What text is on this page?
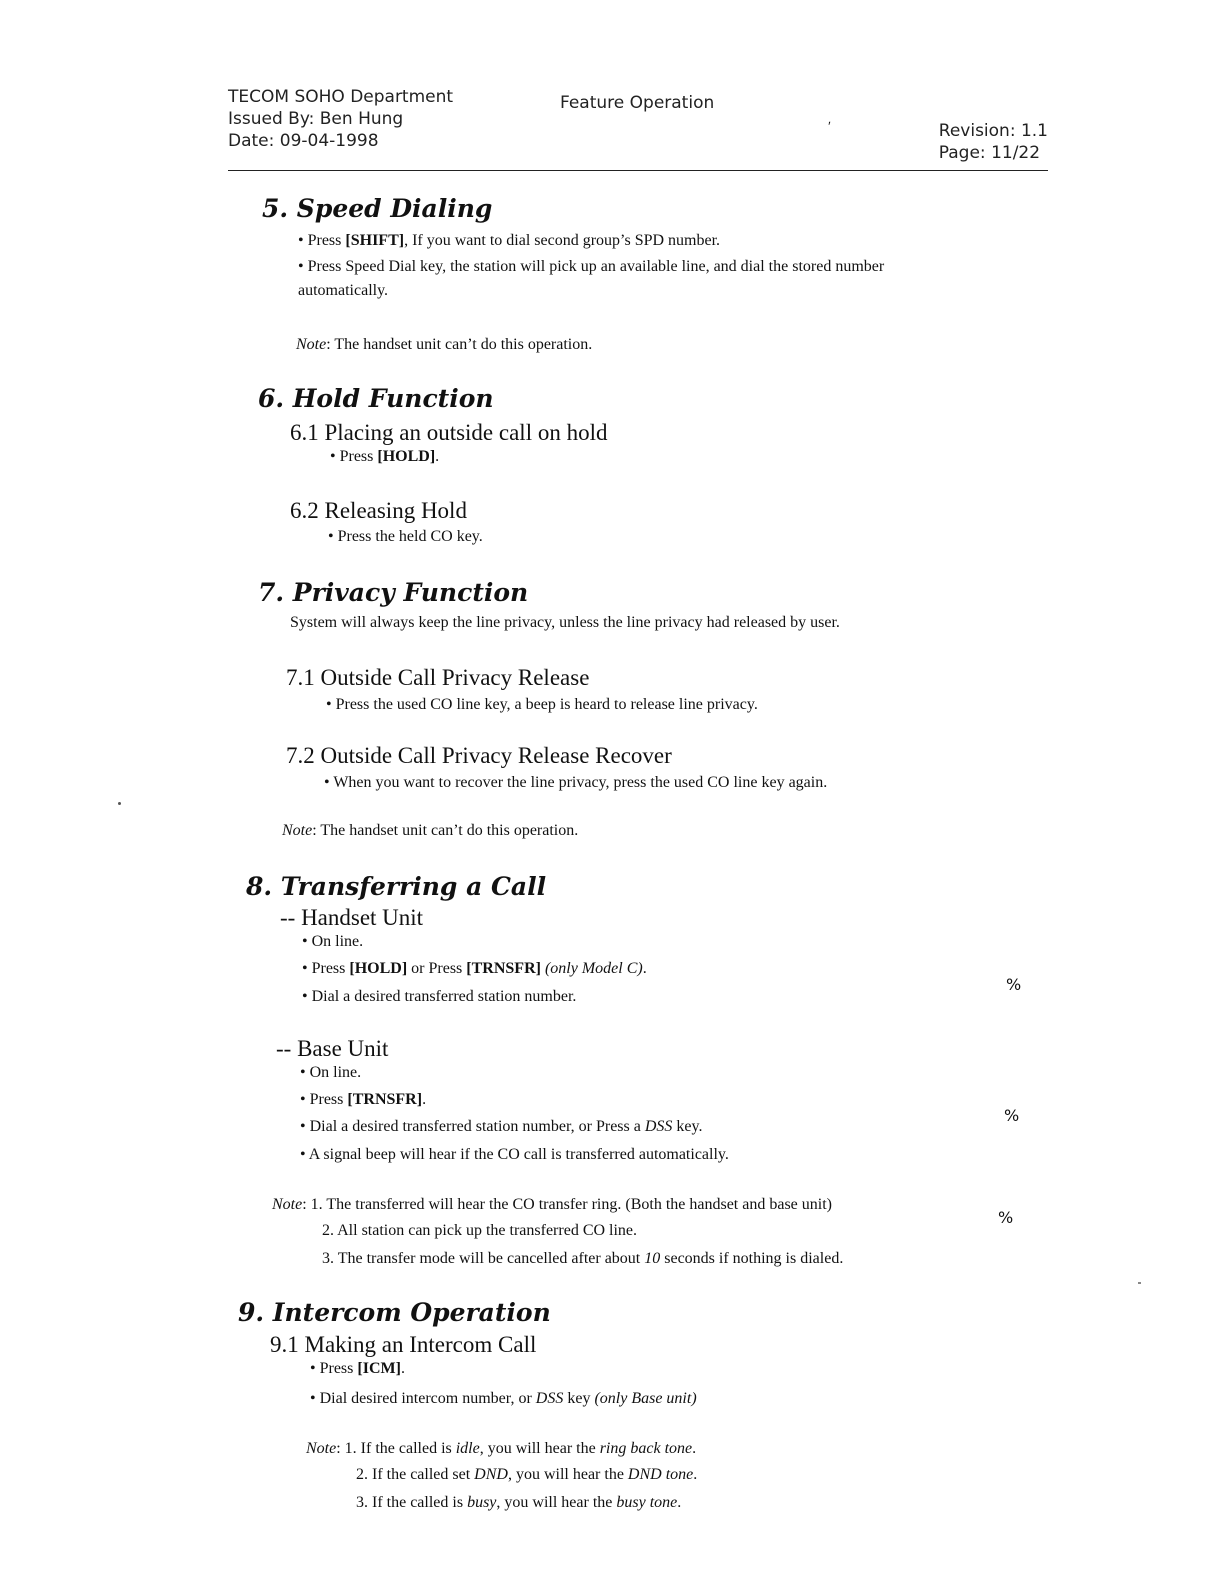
TECOM SOHO Department
Issued By: Ben Hung
Date: 09-04-1998
Feature Operation
ʹ	Revision: 1.1
Page: 11/22
5. Speed Dialing
• Press [SHIFT], If you want to dial second group’s SPD number.
• Press Speed Dial key, the station will pick up an available line, and dial the stored number
automatically.
Note: The handset unit can’t do this operation.
6. Hold Function
6.1 Placing an outside call on hold
• Press [HOLD].
6.2 Releasing Hold
• Press the held CO key.
7. Privacy Function
System will always keep the line privacy, unless the line privacy had released by user.
7.1 Outside Call Privacy Release
• Press the used CO line key, a beep is heard to release line privacy.
7.2 Outside Call Privacy Release Recover
• When you want to recover the line privacy, press the used CO line key again.
Note: The handset unit can’t do this operation.
8. Transferring a Call
-- Handset Unit
• On line.
• Press [HOLD] or Press [TRNSFR] (only Model C).
%
• Dial a desired transferred station number.
-- Base Unit
• On line.
• Press [TRNSFR].
%
• Dial a desired transferred station number, or Press a DSS key.
• A signal beep will hear if the CO call is transferred automatically.
Note: 1. The transferred will hear the CO transfer ring. (Both the handset and base unit)
%
2. All station can pick up the transferred CO line.
3. The transfer mode will be cancelled after about 10 seconds if nothing is dialed.
9. Intercom Operation
9.1 Making an Intercom Call
• Press [ICM].
• Dial desired intercom number, or DSS key (only Base unit)
Note: 1. If the called is idle, you will hear the ring back tone.
2. If the called set DND, you will hear the DND tone.
3. If the called is busy, you will hear the busy tone.
